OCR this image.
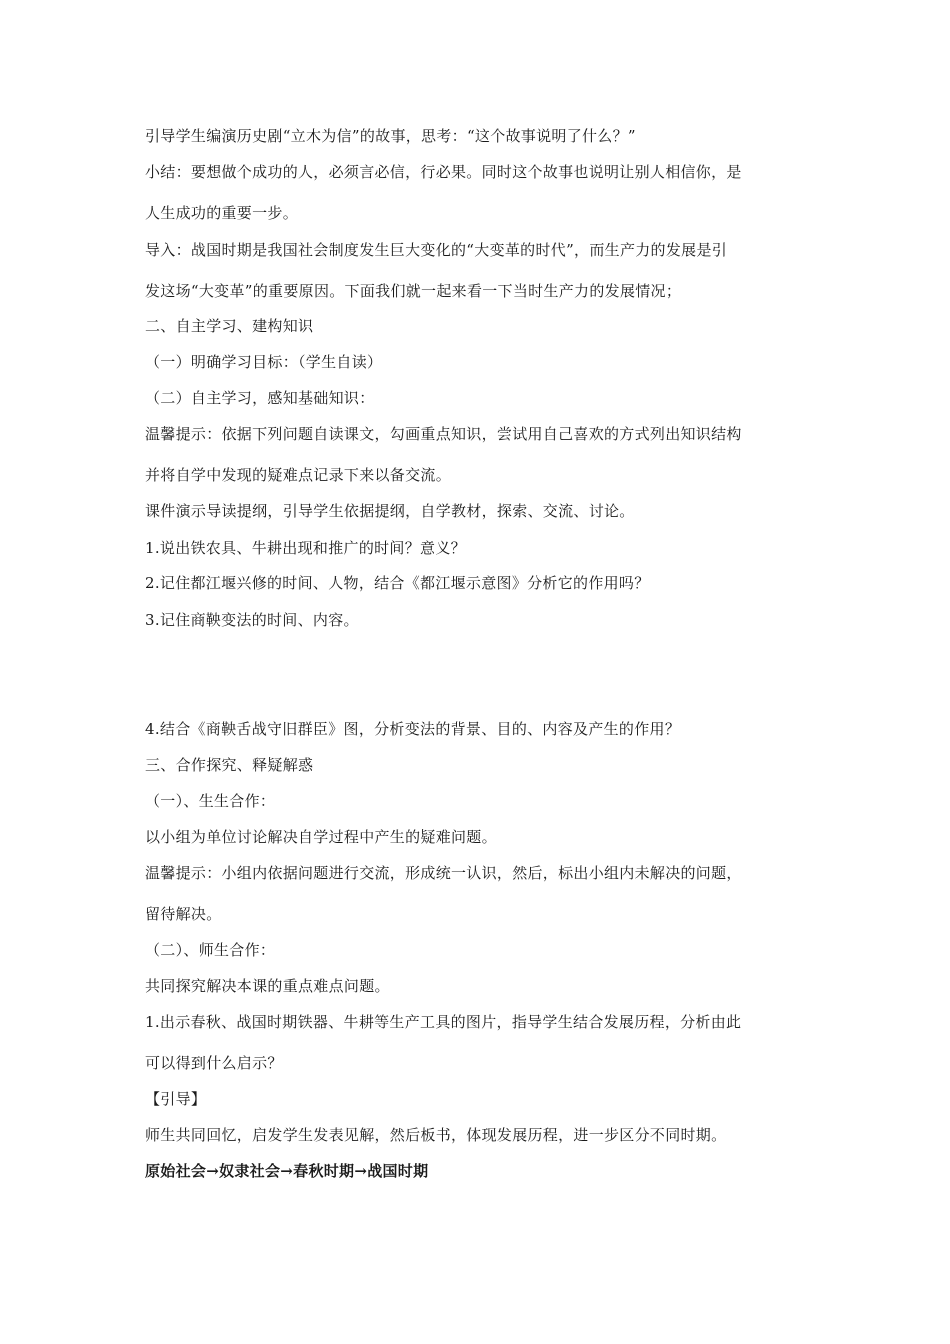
引导学生编演历史剧“立木为信”的故事，思考：“这个故事说明了什么？”
小结：要想做个成功的人，必须言必信，行必果。同时这个故事也说明让别人相信你，是
人生成功的重要一步。
导入：战国时期是我国社会制度发生巨大变化的“大变革的时代”，而生产力的发展是引
发这场“大变革”的重要原因。下面我们就一起来看一下当时生产力的发展情况；
二、自主学习、建构知识
（一）明确学习目标：（学生自读）
（二）自主学习，感知基础知识：
温馨提示：依据下列问题自读课文，勾画重点知识，尝试用自己喜欢的方式列出知识结构
并将自学中发现的疑难点记录下来以备交流。
课件演示导读提纲，引导学生依据提纲，自学教材，探索、交流、讨论。
1.说出铁农具、牛耕出现和推广的时间？意义？
2.记住都江堰兴修的时间、人物，结合《都江堰示意图》分析它的作用吗？
3.记住商鞅变法的时间、内容。
4.结合《商鞅舌战守旧群臣》图，分析变法的背景、目的、内容及产生的作用？
三、合作探究、释疑解惑
（一）、生生合作：
以小组为单位讨论解决自学过程中产生的疑难问题。
温馨提示：小组内依据问题进行交流，形成统一认识，然后，标出小组内未解决的问题，
留待解决。
（二）、师生合作：
共同探究解决本课的重点难点问题。
1.出示春秋、战国时期铁器、牛耕等生产工具的图片，指导学生结合发展历程，分析由此
可以得到什么启示？
【引导】
师生共同回忆，启发学生发表见解，然后板书，体现发展历程，进一步区分不同时期。
原始社会→奴隶社会→春秋时期→战国时期
